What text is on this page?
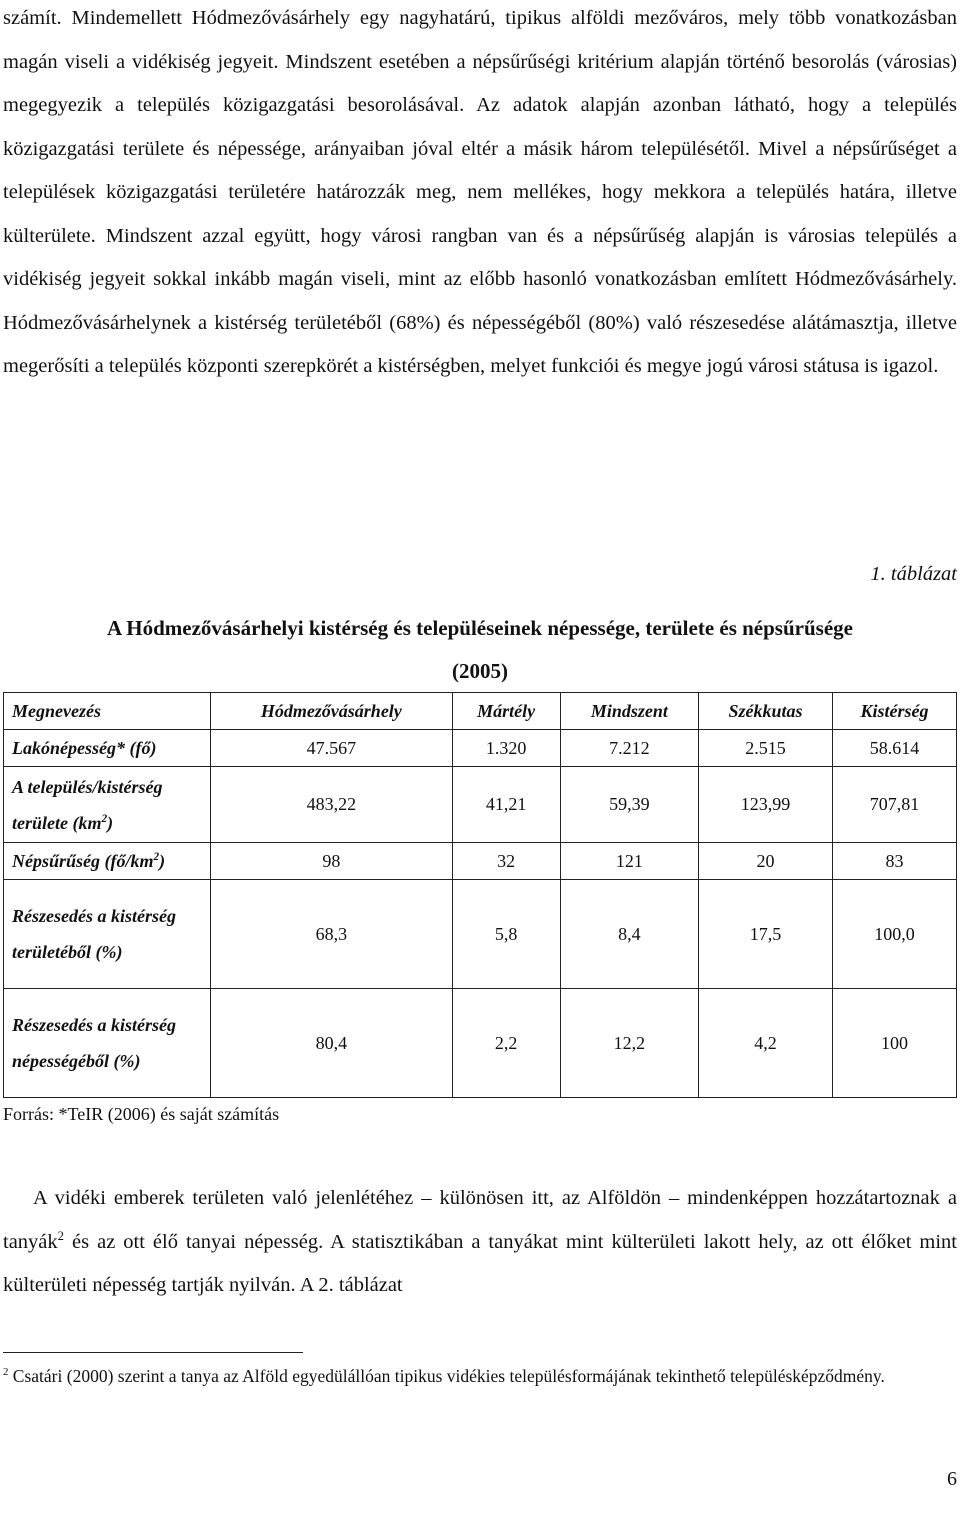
számít. Mindemellett Hódmezővásárhely egy nagyhatárú, tipikus alföldi mezőváros, mely több vonatkozásban magán viseli a vidékiség jegyeit. Mindszent esetében a népsűrűségi kritérium alapján történő besorolás (városias) megegyezik a település közigazgatási besorolásával. Az adatok alapján azonban látható, hogy a település közigazgatási területe és népessége, arányaiban jóval eltér a másik három településétől. Mivel a népsűrűséget a települések közigazgatási területére határozzák meg, nem mellékes, hogy mekkora a település határa, illetve külterülete. Mindszent azzal együtt, hogy városi rangban van és a népsűrűség alapján is városias település a vidékiség jegyeit sokkal inkább magán viseli, mint az előbb hasonló vonatkozásban említett Hódmezővásárhely. Hódmezővásárhelynek a kistérség területéből (68%) és népességéből (80%) való részesedése alátámasztja, illetve megerősíti a település központi szerepkörét a kistérségben, melyet funkciói és megye jogú városi státusa is igazol.

1. táblázat
A Hódmezővásárhelyi kistérség és településeinek népessége, területe és népsűrűsége
(2005)
Megnevezés	Hódmezővásárhely	Mártély	Mindszent	Székkutas	Kistérség
Lakónépesség* (fő)	47.567	1.320	7.212	2.515	58.614
A település/kistérség területe $(km^2)$	483,22	41,21	59,39	123,99	707,81
Népsűrűség $(fő/km^2)$	98	32	121	20	83
Részesedés a kistérség területéből (%)	68,3	5,8	8,4	17,5	100,0
Részesedés a kistérség népességéből (%)	80,4	2,2	12,2	4,2	100
Forrás: *TeIR (2006) és saját számítás

A vidéki emberek területen való jelenlétéhez – különösen itt, az Alföldön – mindenképpen hozzátartoznak a tanyák$^2$ és az ott élő tanyai népesség. A statisztikában a tanyákat mint külterületi lakott hely, az ott élőket mint külterületi népesség tartják nyilván. A 2. táblázat

$^2$ Csatári (2000) szerint a tanya az Alföld egyedülállóan tipikus vidékies településformájának tekinthető településképződmény.
6
